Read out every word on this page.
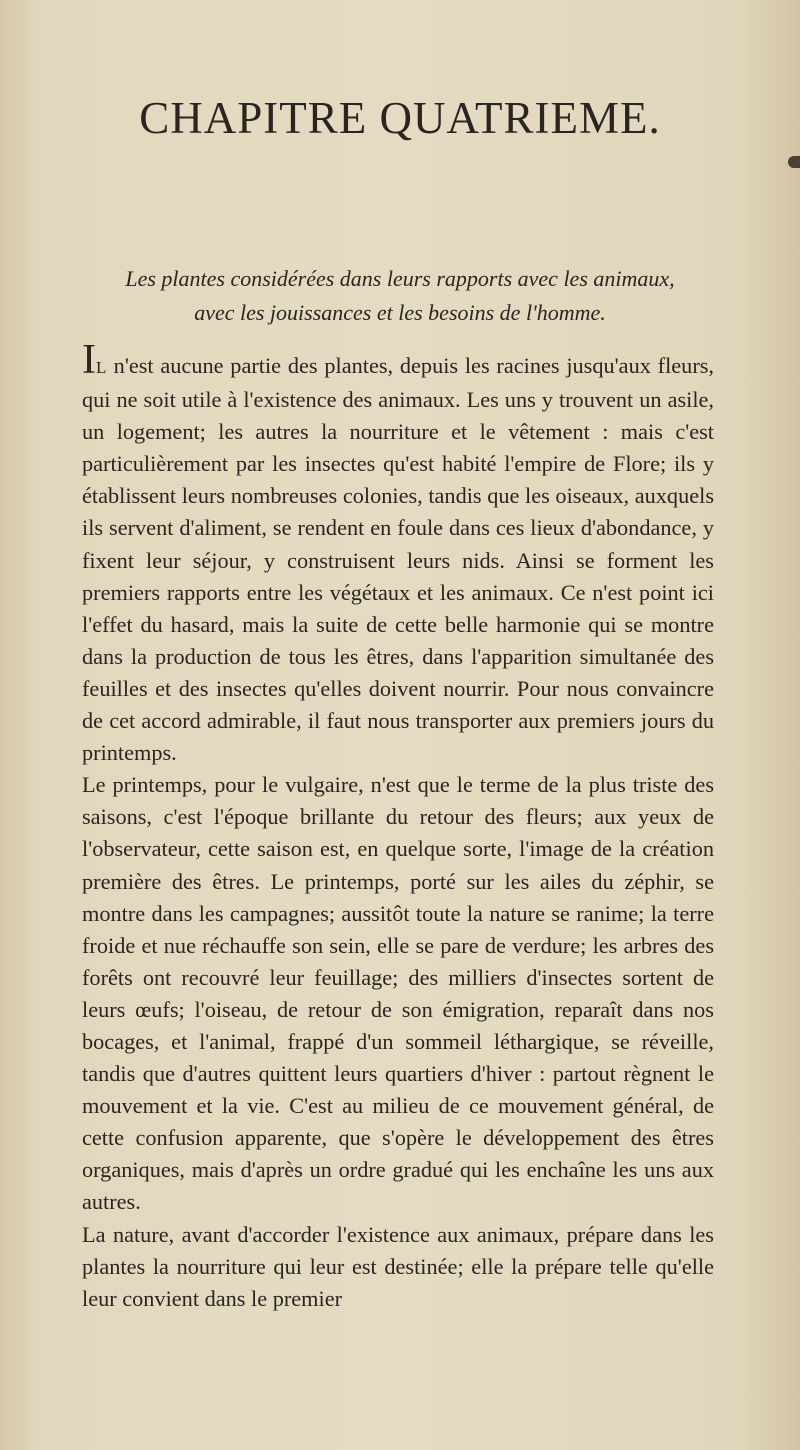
CHAPITRE QUATRIEME.
Les plantes considérées dans leurs rapports avec les animaux,
avec les jouissances et les besoins de l'homme.

IL n'est aucune partie des plantes, depuis les racines jusqu'aux fleurs, qui ne soit utile à l'existence des animaux. Les uns y trouvent un asile, un logement; les autres la nourriture et le vêtement : mais c'est particulièrement par les insectes qu'est habité l'empire de Flore; ils y établissent leurs nombreuses colonies, tandis que les oiseaux, auxquels ils servent d'aliment, se rendent en foule dans ces lieux d'abondance, y fixent leur séjour, y construisent leurs nids. Ainsi se forment les premiers rapports entre les végétaux et les animaux. Ce n'est point ici l'effet du hasard, mais la suite de cette belle harmonie qui se montre dans la production de tous les êtres, dans l'apparition simultanée des feuilles et des insectes qu'elles doivent nourrir. Pour nous convaincre de cet accord admirable, il faut nous transporter aux premiers jours du printemps.

Le printemps, pour le vulgaire, n'est que le terme de la plus triste des saisons, c'est l'époque brillante du retour des fleurs; aux yeux de l'observateur, cette saison est, en quelque sorte, l'image de la création première des êtres. Le printemps, porté sur les ailes du zéphir, se montre dans les campagnes; aussitôt toute la nature se ranime; la terre froide et nue réchauffe son sein, elle se pare de verdure; les arbres des forêts ont recouvré leur feuillage; des milliers d'insectes sortent de leurs œufs; l'oiseau, de retour de son émigration, reparaît dans nos bocages, et l'animal, frappé d'un sommeil léthargique, se réveille, tandis que d'autres quittent leurs quartiers d'hiver : partout règnent le mouvement et la vie. C'est au milieu de ce mouvement général, de cette confusion apparente, que s'opère le développement des êtres organiques, mais d'après un ordre gradué qui les enchaîne les uns aux autres.

La nature, avant d'accorder l'existence aux animaux, prépare dans les plantes la nourriture qui leur est destinée; elle la prépare telle qu'elle leur convient dans le premier
